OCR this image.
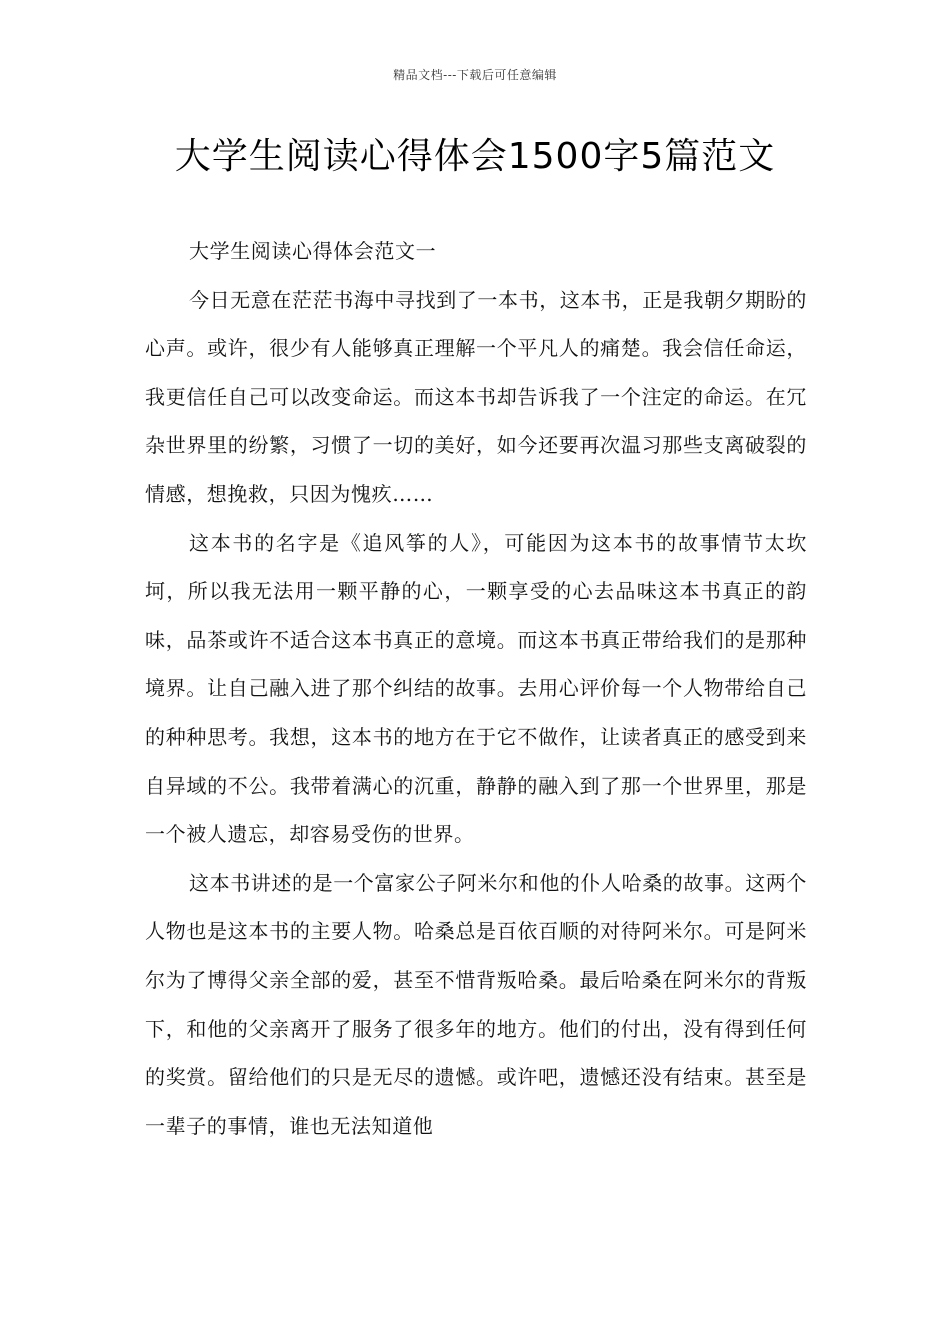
精品文档---下载后可任意编辑
大学生阅读心得体会1500字5篇范文

大学生阅读心得体会范文一

今日无意在茫茫书海中寻找到了一本书，这本书，正是我朝夕期盼的心声。或许，很少有人能够真正理解一个平凡人的痛楚。我会信任命运，我更信任自己可以改变命运。而这本书却告诉我了一个注定的命运。在冗杂世界里的纷繁，习惯了一切的美好，如今还要再次温习那些支离破裂的情感，想挽救，只因为愧疚……

这本书的名字是《追风筝的人》，可能因为这本书的故事情节太坎坷，所以我无法用一颗平静的心，一颗享受的心去品味这本书真正的韵味，品茶或许不适合这本书真正的意境。而这本书真正带给我们的是那种境界。让自己融入进了那个纠结的故事。去用心评价每一个人物带给自己的种种思考。我想，这本书的地方在于它不做作，让读者真正的感受到来自异域的不公。我带着满心的沉重，静静的融入到了那一个世界里，那是一个被人遗忘，却容易受伤的世界。

这本书讲述的是一个富家公子阿米尔和他的仆人哈桑的故事。这两个人物也是这本书的主要人物。哈桑总是百依百顺的对待阿米尔。可是阿米尔为了博得父亲全部的爱，甚至不惜背叛哈桑。最后哈桑在阿米尔的背叛下，和他的父亲离开了服务了很多年的地方。他们的付出，没有得到任何的奖赏。留给他们的只是无尽的遗憾。或许吧，遗憾还没有结束。甚至是一辈子的事情，谁也无法知道他
